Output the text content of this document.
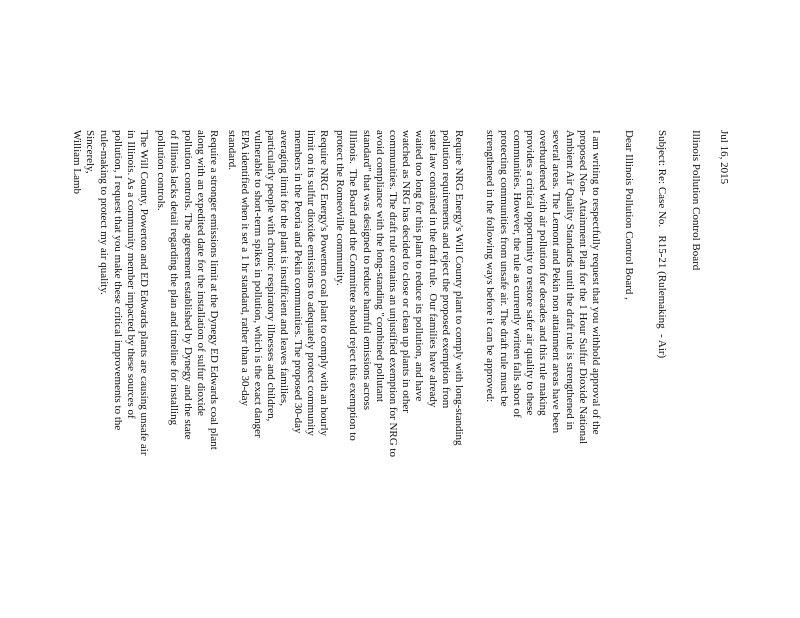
Jul 16, 2015
Illinois Pollution Control Board
Subject: Re: Case No.   R15-21 (Rulemaking  - Air)
Dear Illinois Pollution Control Board ,
I am writing to respectfully request that you withhold approval of the
proposed Non- Attainment Plan for the 1 Hour Sulfur Dioxide National
Ambient Air Quality Standards until the draft rule is strengthened in
several areas. The Lemont and Pekin non attainment areas have been
overburdened with air pollution for decades and this rule making
provides a critical opportunity to restore safer air quality to these
communities. However, the rule as currently written falls short of
protecting communities from unsafe air. The draft rule must be
strengthened in the following ways before it can be approved:
Require NRG Energy's Will County plant to comply with long-standing
pollution requirements and reject the proposed exemption from
state law contained in the draft rule.  Our families have already
waited too long for this plant to reduce its pollution, and have
watched as NRG has decided to close or clean up plants in other
communities. The draft rule contains an unjustified exemption for NRG to
avoid compliance with the long-standing "combined pollutant
standard" that was designed to reduce harmful emissions across
Illinois.  The Board and the Committee should reject this exemption to
protect the Romeoville community.
Require NRG Energy's Powerton coal plant to comply with an hourly
limit on its sulfur dioxide emissions to adequately protect community
members in the Peoria and Pekin communities. The proposed 30-day
averaging limit for the plant is insufficient and leaves families,
particularly people with chronic respiratory illnesses and children,
vulnerable to short-term spikes in pollution, which is the exact danger
EPA identified when it set a 1 hr standard, rather than a 30-day
standard.
Require a stronger emissions limit at the Dynegy ED Edwards coal plant
along with an expedited date for the installation of sulfur dioxide
pollution controls. The agreement established by Dynegy and the state
of Illinois lacks detail regarding the plan and timeline for installing
pollution controls.
The Will County, Powerton and ED Edwards plants are causing unsafe air
in Illinois. As a community member impacted by these sources of
pollution, I request that you make these critical improvements to the
rule-making to protect my air quality.
Sincerely,
William Lamb
